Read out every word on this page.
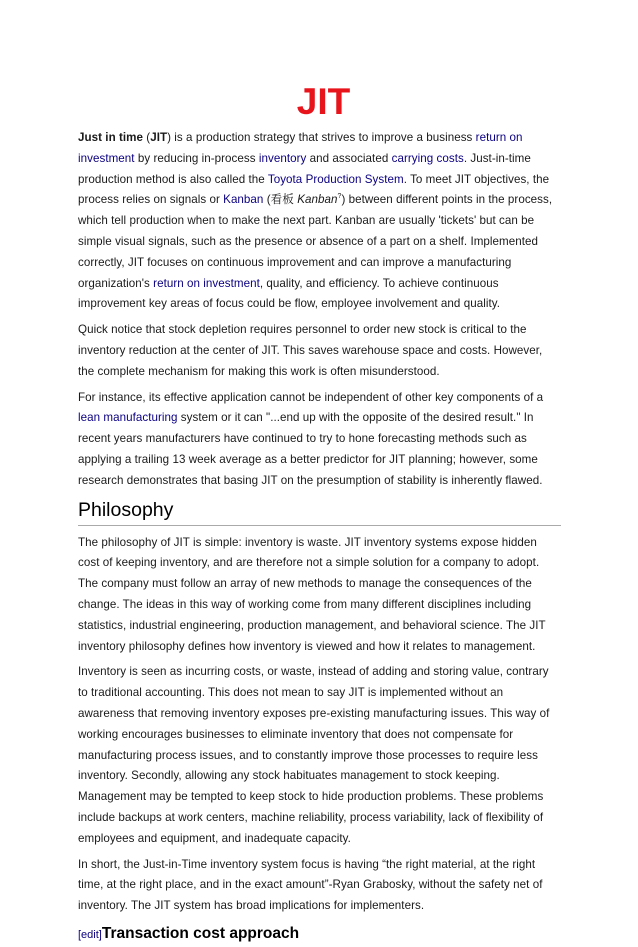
JIT

Just in time (JIT) is a production strategy that strives to improve a business return on investment by reducing in-process inventory and associated carrying costs. Just-in-time production method is also called the Toyota Production System. To meet JIT objectives, the process relies on signals or Kanban (看板 Kanban?) between different points in the process, which tell production when to make the next part. Kanban are usually 'tickets' but can be simple visual signals, such as the presence or absence of a part on a shelf. Implemented correctly, JIT focuses on continuous improvement and can improve a manufacturing organization's return on investment, quality, and efficiency. To achieve continuous improvement key areas of focus could be flow, employee involvement and quality.

Quick notice that stock depletion requires personnel to order new stock is critical to the inventory reduction at the center of JIT. This saves warehouse space and costs. However, the complete mechanism for making this work is often misunderstood.

For instance, its effective application cannot be independent of other key components of a lean manufacturing system or it can "...end up with the opposite of the desired result." In recent years manufacturers have continued to try to hone forecasting methods such as applying a trailing 13 week average as a better predictor for JIT planning; however, some research demonstrates that basing JIT on the presumption of stability is inherently flawed.

Philosophy

The philosophy of JIT is simple: inventory is waste. JIT inventory systems expose hidden cost of keeping inventory, and are therefore not a simple solution for a company to adopt. The company must follow an array of new methods to manage the consequences of the change. The ideas in this way of working come from many different disciplines including statistics, industrial engineering, production management, and behavioral science. The JIT inventory philosophy defines how inventory is viewed and how it relates to management.

Inventory is seen as incurring costs, or waste, instead of adding and storing value, contrary to traditional accounting. This does not mean to say JIT is implemented without an awareness that removing inventory exposes pre-existing manufacturing issues. This way of working encourages businesses to eliminate inventory that does not compensate for manufacturing process issues, and to constantly improve those processes to require less inventory. Secondly, allowing any stock habituates management to stock keeping. Management may be tempted to keep stock to hide production problems. These problems include backups at work centers, machine reliability, process variability, lack of flexibility of employees and equipment, and inadequate capacity.

In short, the Just-in-Time inventory system focus is having “the right material, at the right time, at the right place, and in the exact amount”-Ryan Grabosky, without the safety net of inventory. The JIT system has broad implications for implementers.

[edit]Transaction cost approach
